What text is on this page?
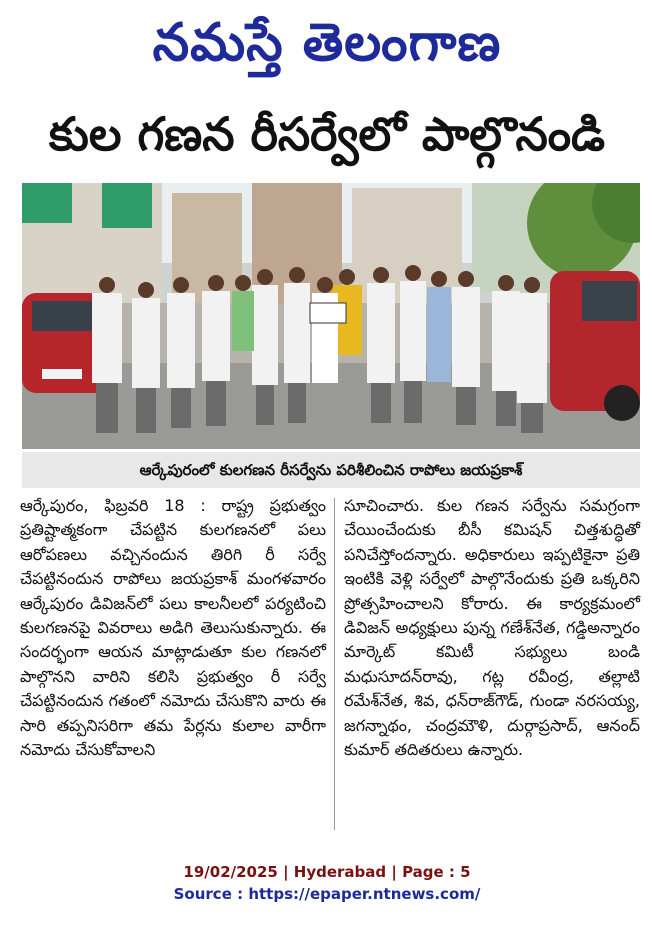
నమస్తే తెలంగాణ
కుల గణన రీసర్వేలో పాల్గొనండి
ఆర్కేపురంలో కులగణన రీసర్వేను పరిశీలించిన రాపోలు జయప్రకాశ్
ఆర్కేపురం, ఫిబ్రవరి 18 : రాష్ట్ర ప్రభుత్వం ప్రతిష్టాత్మకంగా చేపట్టిన కులగణనలో పలు ఆరోపణలు వచ్చినందున తిరిగి రీ సర్వే చేపట్టినందున రాపోలు జయప్రకాశ్ మంగళవారం ఆర్కేపురం డివిజన్‌లో పలు కాలనీలలో పర్యటించి కులగణనపై వివరాలు అడిగి తెలుసుకున్నారు. ఈ సందర్భంగా ఆయన మాట్లాడుతూ కుల గణనలో పాల్గొనని వారిని కలిసి ప్రభుత్వం రీ సర్వే చేపట్టినందున గతంలో నమోదు చేసుకొని వారు ఈ సారి తప్పనిసరిగా తమ పేర్లను కులాల వారీగా నమోదు చేసుకోవాలని
సూచించారు. కుల గణన సర్వేను సమగ్రంగా చేయించేందుకు బీసీ కమిషన్ చిత్తశుద్ధితో పనిచేస్తోందన్నారు. అధికారులు ఇప్పటికైనా ప్రతి ఇంటికి వెళ్లి సర్వేలో పాల్గొనేందుకు ప్రతి ఒక్కరిని ప్రోత్సహించాలని కోరారు. ఈ కార్యక్రమంలో డివిజన్ అధ్యక్షులు పున్న గణేశ్‌నేత, గడ్డిఅన్నారం మార్కెట్ కమిటీ సభ్యులు బండి మధుసూదన్‌రావు, గట్ల రవీంద్ర, తల్లాటి రమేశ్‌నేత, శివ, ధన్‌రాజ్‌గౌడ్, గుండా నరసయ్య, జగన్నాథం, చంద్రమౌళి, దుర్గాప్రసాద్, ఆనంద్ కుమార్ తదితరులు ఉన్నారు.
19/02/2025 | Hyderabad | Page : 5
Source : https://epaper.ntnews.com/
